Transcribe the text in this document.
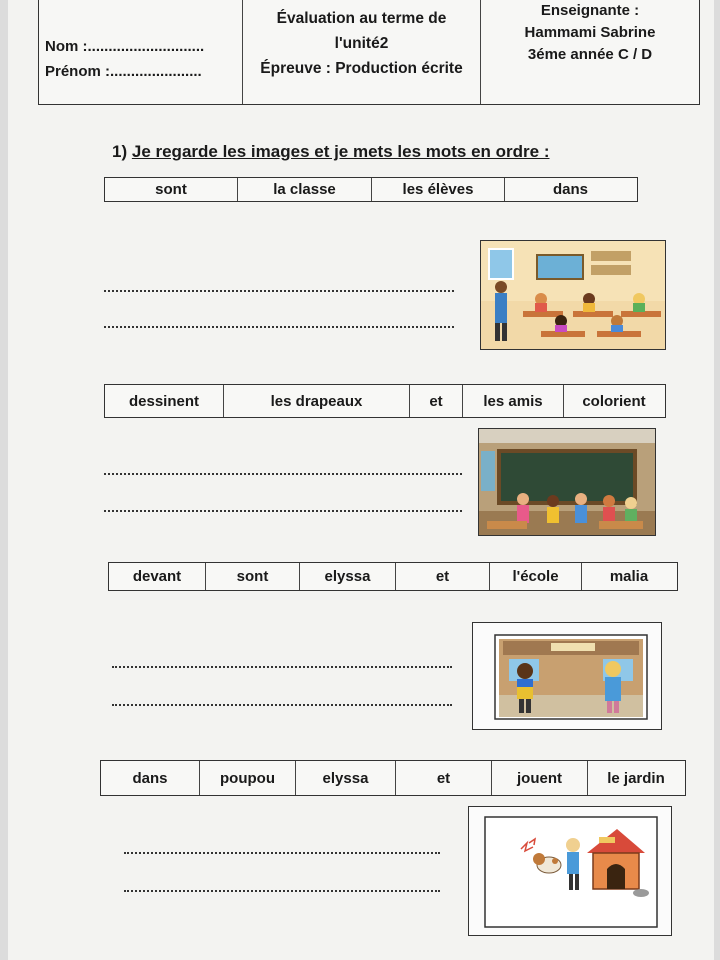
Nom :............................
Prénom :......................
Évaluation au terme de
l'unité2
Épreuve : Production écrite
Enseignante :
Hammami Sabrine
3éme année C / D
1) Je regarde les images et je mets les mots en ordre :
sont	la classe	les élèves	dans
dessinent	les drapeaux	et	les amis	colorient
devant	sont	elyssa	et	l'école	malia
dans	poupou	elyssa	et	jouent	le jardin
